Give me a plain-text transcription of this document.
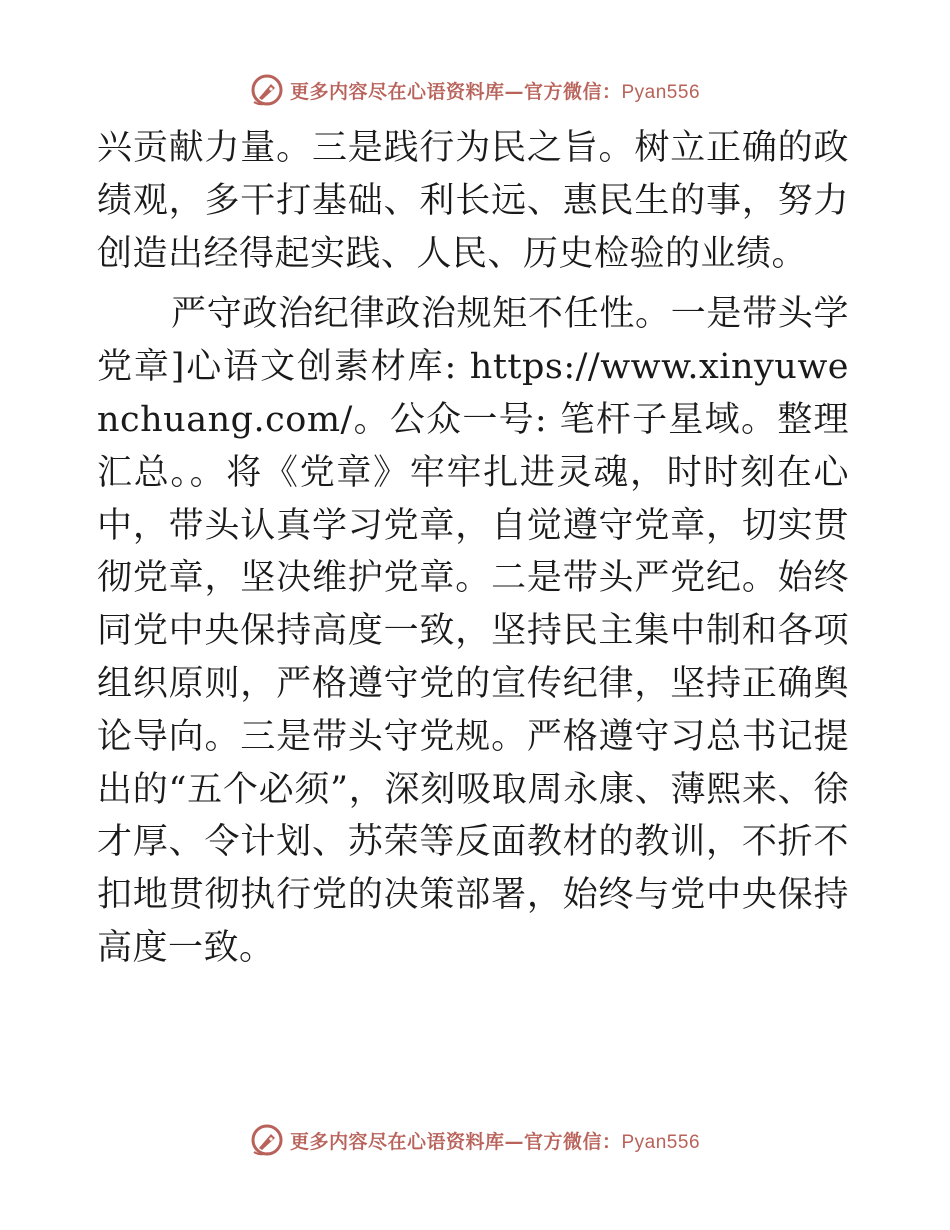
更多内容尽在心语资料库—官方微信：Pyan556

兴贡献力量。三是践行为民之旨。树立正确的政绩观，多干打基础、利长远、惠民生的事，努力创造出经得起实践、人民、历史检验的业绩。

严守政治纪律政治规矩不任性。一是带头学党章]心语文创素材库: https://www.xinyuwenchuang.com/。公众一号: 笔杆子星域。整理汇总。。将《党章》牢牢扎进灵魂，时时刻在心中，带头认真学习党章，自觉遵守党章，切实贯彻党章，坚决维护党章。二是带头严党纪。始终同党中央保持高度一致，坚持民主集中制和各项组织原则，严格遵守党的宣传纪律，坚持正确舆论导向。三是带头守党规。严格遵守习总书记提出的“五个必须”，深刻吸取周永康、薄熙来、徐才厚、令计划、苏荣等反面教材的教训，不折不扣地贯彻执行党的决策部署，始终与党中央保持高度一致。

更多内容尽在心语资料库—官方微信：Pyan556
